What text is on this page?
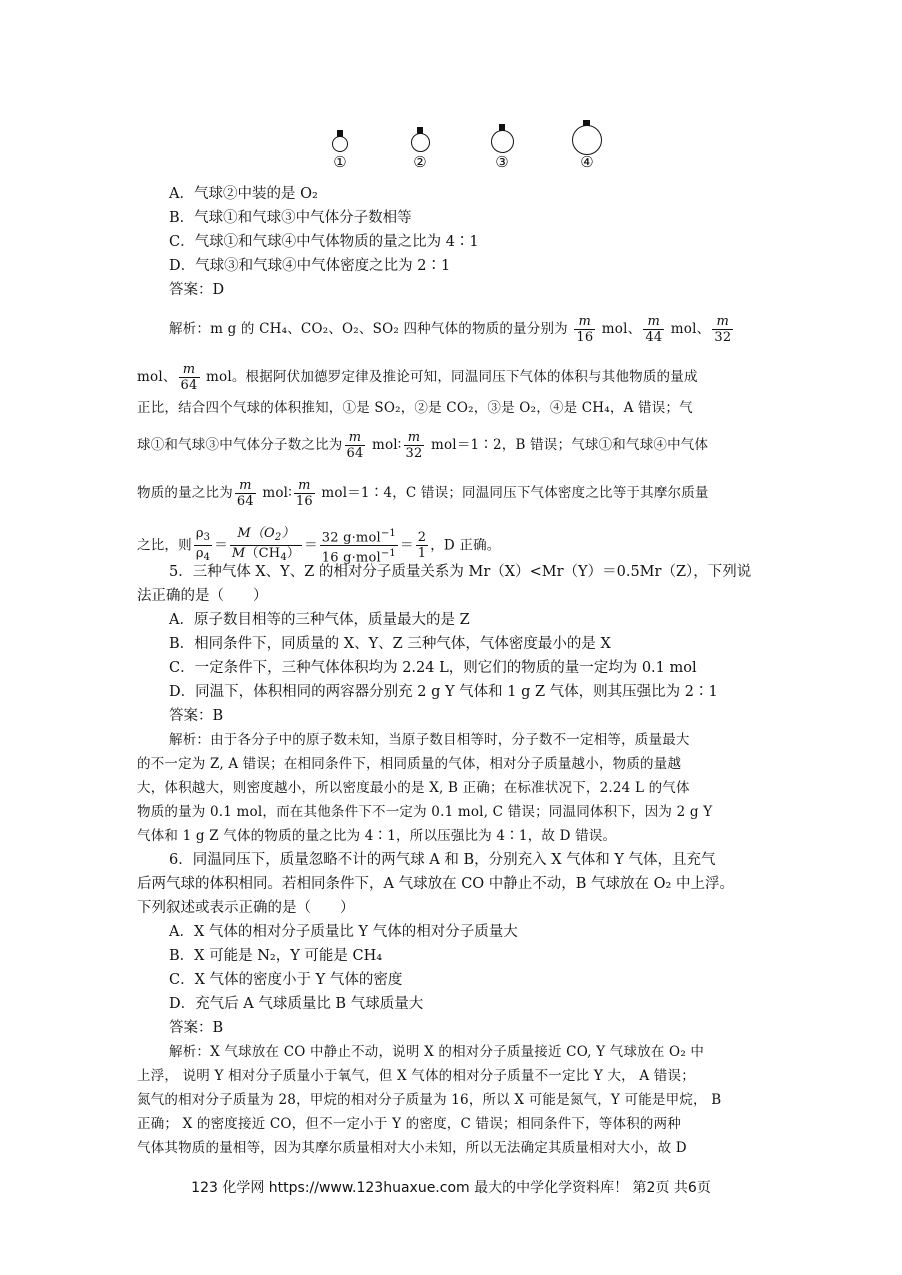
①	②	③	④
A．气球②中装的是 O₂
B．气球①和气球③中气体分子数相等
C．气球①和气球④中气体物质的量之比为 4∶1
D．气球③和气球④中气体密度之比为 2∶1
答案：D
解析：m g 的 CH₄、CO₂、O₂、SO₂ 四种气体的物质的量分别为 $\frac{m}{16}$ mol、 $\frac{m}{44}$ mol、 $\frac{m}{32}$
mol、 $\frac{m}{64}$ mol。根据阿伏加德罗定律及推论可知，同温同压下气体的体积与其他物质的量成
正比，结合四个气球的体积推知，①是 SO₂，②是 CO₂，③是 O₂，④是 CH₄，A 错误；气
球①和气球③中气体分子数之比为 $\frac{m}{64}$ mol∶ $\frac{m}{32}$ mol＝1∶2，B 错误；气球①和气球④中气体
物质的量之比为 $\frac{m}{64}$ mol∶ $\frac{m}{16}$ mol＝1∶4，C 错误；同温同压下气体密度之比等于其摩尔质量
之比，则 $\frac{\rho_3}{\rho_4} = \frac{M(O_2)}{M(CH_4)} = \frac{32 g\cdot mol^{-1}}{16 g\cdot mol^{-1}} = \frac{2}{1}$ ，D 正确。
5．三种气体 X、Y、Z 的相对分子质量关系为 Mr（X）<Mr（Y）＝0.5Mr（Z），下列说
法正确的是（　　）
A．原子数目相等的三种气体，质量最大的是 Z
B．相同条件下，同质量的 X、Y、Z 三种气体，气体密度最小的是 X
C．一定条件下，三种气体体积均为 2.24 L，则它们的物质的量一定均为 0.1 mol
D．同温下，体积相同的两容器分别充 2 g Y 气体和 1 g Z 气体，则其压强比为 2∶1
答案：B
解析：由于各分子中的原子数未知，当原子数目相等时，分子数不一定相等，质量最大
的不一定为 Z, A 错误；在相同条件下，相同质量的气体，相对分子质量越小，物质的量越
大，体积越大，则密度越小，所以密度最小的是 X, B 正确；在标准状况下，2.24 L 的气体
物质的量为 0.1 mol，而在其他条件下不一定为 0.1 mol, C 错误；同温同体积下，因为 2 g Y
气体和 1 g Z 气体的物质的量之比为 4∶1，所以压强比为 4∶1，故 D 错误。
6．同温同压下，质量忽略不计的两气球 A 和 B，分别充入 X 气体和 Y 气体，且充气
后两气球的体积相同。若相同条件下，A 气球放在 CO 中静止不动，B 气球放在 O₂ 中上浮。
下列叙述或表示正确的是（　　）
A．X 气体的相对分子质量比 Y 气体的相对分子质量大
B．X 可能是 N₂，Y 可能是 CH₄
C．X 气体的密度小于 Y 气体的密度
D．充气后 A 气球质量比 B 气球质量大
答案：B
解析：X 气球放在 CO 中静止不动，说明 X 的相对分子质量接近 CO, Y 气球放在 O₂ 中
上浮， 说明 Y 相对分子质量小于氧气，但 X 气体的相对分子质量不一定比 Y 大， A 错误；
氮气的相对分子质量为 28，甲烷的相对分子质量为 16，所以 X 可能是氮气，Y 可能是甲烷， B
正确； X 的密度接近 CO，但不一定小于 Y 的密度，C 错误；相同条件下，等体积的两种
气体其物质的量相等，因为其摩尔质量相对大小未知，所以无法确定其质量相对大小，故 D
123 化学网 https://www.123huaxue.com 最大的中学化学资料库！ 第2页 共6页
